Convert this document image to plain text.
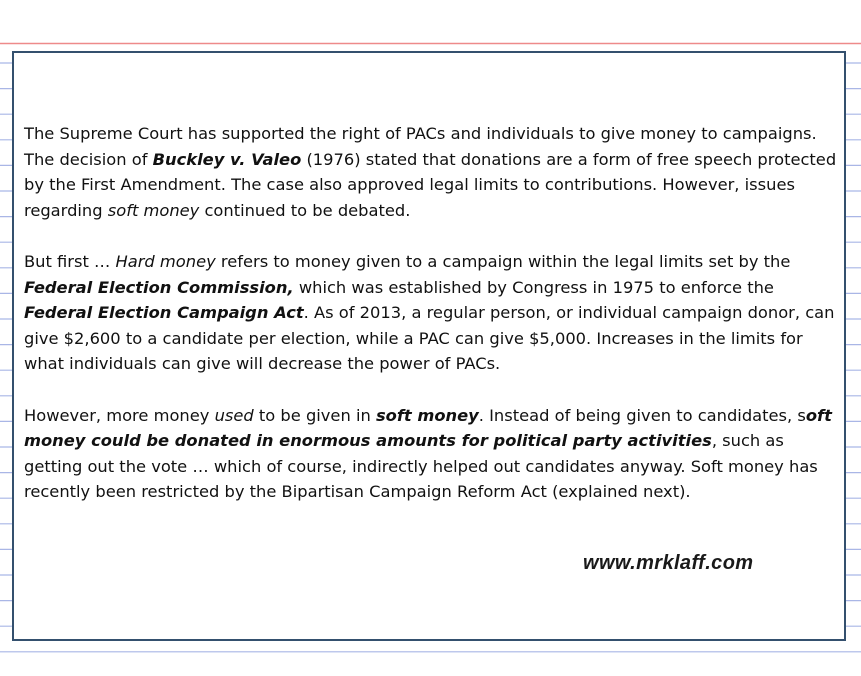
The Supreme Court has supported the right of PACs and individuals to give money to campaigns. The decision of Buckley v. Valeo (1976) stated that donations are a form of free speech protected by the First Amendment. The case also approved legal limits to contributions. However, issues regarding soft money continued to be debated.

But first … Hard money refers to money given to a campaign within the legal limits set by the Federal Election Commission, which was established by Congress in 1975 to enforce the Federal Election Campaign Act. As of 2013, a regular person, or individual campaign donor, can give $2,600 to a candidate per election, while a PAC can give $5,000. Increases in the limits for what individuals can give will decrease the power of PACs.

However, more money used to be given in soft money. Instead of being given to candidates, soft money could be donated in enormous amounts for political party activities, such as getting out the vote … which of course, indirectly helped out candidates anyway. Soft money has recently been restricted by the Bipartisan Campaign Reform Act (explained next).

www.mrklaff.com
